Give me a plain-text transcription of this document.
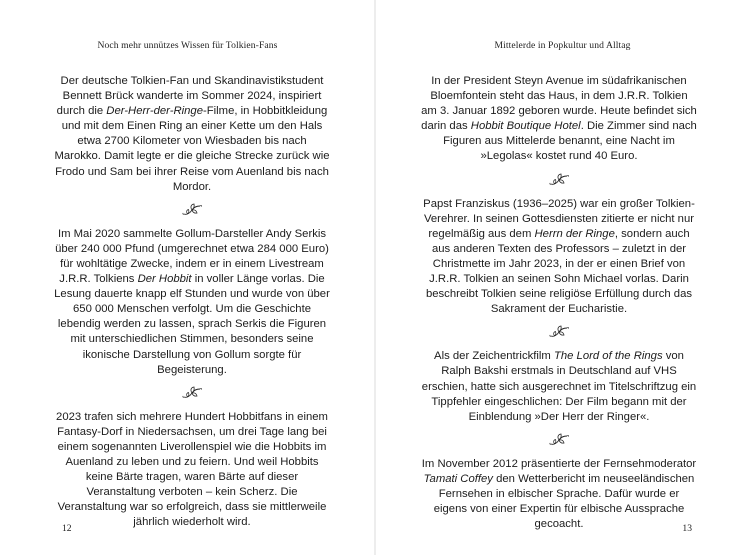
Noch mehr unnützes Wissen für Tolkien-Fans

Der deutsche Tolkien-Fan und Skandinavistikstudent Bennett Brück wanderte im Sommer 2024, inspiriert durch die Der-Herr-der-Ringe-Filme, in Hobbitkleidung und mit dem Einen Ring an einer Kette um den Hals etwa 2700 Kilometer von Wiesbaden bis nach Marokko. Damit legte er die gleiche Strecke zurück wie Frodo und Sam bei ihrer Reise vom Auenland bis nach Mordor.

Im Mai 2020 sammelte Gollum-Darsteller Andy Serkis über 240 000 Pfund (umgerechnet etwa 284 000 Euro) für wohltätige Zwecke, indem er in einem Livestream J.R.R. Tolkiens Der Hobbit in voller Länge vorlas. Die Lesung dauerte knapp elf Stunden und wurde von über 650 000 Menschen verfolgt. Um die Geschichte lebendig werden zu lassen, sprach Serkis die Figuren mit unterschiedlichen Stimmen, besonders seine ikonische Darstellung von Gollum sorgte für Begeisterung.

2023 trafen sich mehrere Hundert Hobbitfans in einem Fantasy-Dorf in Niedersachsen, um drei Tage lang bei einem sogenannten Liverollenspiel wie die Hobbits im Auenland zu leben und zu feiern. Und weil Hobbits keine Bärte tragen, waren Bärte auf dieser Veranstaltung verboten – kein Scherz. Die Veranstaltung war so erfolgreich, dass sie mittlerweile jährlich wiederholt wird.

12
Mittelerde in Popkultur und Alltag

In der President Steyn Avenue im südafrikanischen Bloemfontein steht das Haus, in dem J.R.R. Tolkien am 3. Januar 1892 geboren wurde. Heute befindet sich darin das Hobbit Boutique Hotel. Die Zimmer sind nach Figuren aus Mittelerde benannt, eine Nacht im »Legolas« kostet rund 40 Euro.

Papst Franziskus (1936–2025) war ein großer Tolkien-Verehrer. In seinen Gottesdiensten zitierte er nicht nur regelmäßig aus dem Herrn der Ringe, sondern auch aus anderen Texten des Professors – zuletzt in der Christmette im Jahr 2023, in der er einen Brief von J.R.R. Tolkien an seinen Sohn Michael vorlas. Darin beschreibt Tolkien seine religiöse Erfüllung durch das Sakrament der Eucharistie.

Als der Zeichentrickfilm The Lord of the Rings von Ralph Bakshi erstmals in Deutschland auf VHS erschien, hatte sich ausgerechnet im Titelschriftzug ein Tippfehler eingeschlichen: Der Film begann mit der Einblendung »Der Herr der Ringer«.

Im November 2012 präsentierte der Fernsehmoderator Tamati Coffey den Wetterbericht im neuseeländischen Fernsehen in elbischer Sprache. Dafür wurde er eigens von einer Expertin für elbische Aussprache gecoacht.	13
